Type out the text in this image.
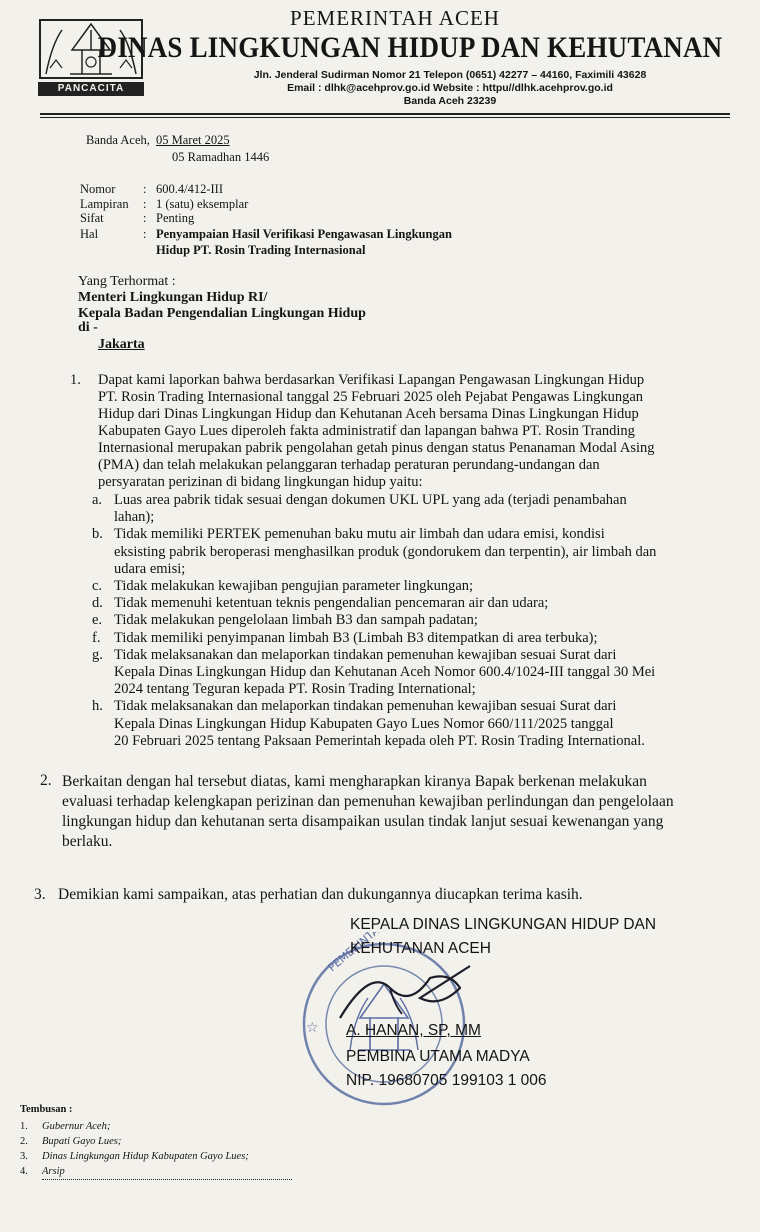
PANCACITA
PEMERINTAH ACEH
DINAS LINGKUNGAN HIDUP DAN KEHUTANAN
Jln. Jenderal Sudirman Nomor 21 Telepon (0651) 42277 – 44160, Faximili 43628
Email : dlhk@acehprov.go.id Website : httpu//dlhk.acehprov.go.id
Banda Aceh 23239
Banda Aceh, 05 Maret 2025
05 Ramadhan 1446
Nomor : 600.4/412-III
Lampiran : 1 (satu) eksemplar
Sifat	: Penting
Hal	: Penyampaian Hasil Verifikasi Pengawasan Lingkungan
Hidup PT. Rosin Trading Internasional
Yang Terhormat :
Menteri Lingkungan Hidup RI/
Kepala Badan Pengendalian Lingkungan Hidup
di -
Jakarta
1. Dapat kami laporkan bahwa berdasarkan Verifikasi Lapangan Pengawasan Lingkungan Hidup
PT. Rosin Trading Internasional tanggal 25 Februari 2025 oleh Pejabat Pengawas Lingkungan
Hidup dari Dinas Lingkungan Hidup dan Kehutanan Aceh bersama Dinas Lingkungan Hidup
Kabupaten Gayo Lues diperoleh fakta administratif dan lapangan bahwa PT. Rosin Tranding
Internasional merupakan pabrik pengolahan getah pinus dengan status Penanaman Modal Asing
(PMA) dan telah melakukan pelanggaran terhadap peraturan perundang-undangan dan
persyaratan perizinan di bidang lingkungan hidup yaitu:
a. Luas area pabrik tidak sesuai dengan dokumen UKL UPL yang ada (terjadi penambahan
lahan);
b. Tidak memiliki PERTEK pemenuhan baku mutu air limbah dan udara emisi, kondisi
eksisting pabrik beroperasi menghasilkan produk (gondorukem dan terpentin), air limbah dan
udara emisi;
c. Tidak melakukan kewajiban pengujian parameter lingkungan;
d. Tidak memenuhi ketentuan teknis pengendalian pencemaran air dan udara;
e. Tidak melakukan pengelolaan limbah B3 dan sampah padatan;
f. Tidak memiliki penyimpanan limbah B3 (Limbah B3 ditempatkan di area terbuka);
g. Tidak melaksanakan dan melaporkan tindakan pemenuhan kewajiban sesuai Surat dari
Kepala Dinas Lingkungan Hidup dan Kehutanan Aceh Nomor 600.4/1024-III tanggal 30 Mei
2024 tentang Teguran kepada PT. Rosin Trading International;
h. Tidak melaksanakan dan melaporkan tindakan pemenuhan kewajiban sesuai Surat dari
Kepala Dinas Lingkungan Hidup Kabupaten Gayo Lues Nomor 660/111/2025 tanggal
20 Februari 2025 tentang Paksaan Pemerintah kepada oleh PT. Rosin Trading International.
2. Berkaitan dengan hal tersebut diatas, kami mengharapkan kiranya Bapak berkenan melakukan
evaluasi terhadap kelengkapan perizinan dan pemenuhan kewajiban perlindungan dan pengelolaan
lingkungan hidup dan kehutanan serta disampaikan usulan tindak lanjut sesuai kewenangan yang
berlaku.
3. Demikian kami sampaikan, atas perhatian dan dukungannya diucapkan terima kasih.
☆
PEMERINTAH
KEPALA DINAS LINGKUNGAN HIDUP DAN
KEHUTANAN ACEH
A. HANAN, SP, MM
PEMBINA UTAMA MADYA
NIP. 19680705 199103 1 006
Tembusan :
1.	Gubernur Aceh;
2.	Bupati Gayo Lues;
3.	Dinas Lingkungan Hidup Kabupaten Gayo Lues;
4.	Arsip
